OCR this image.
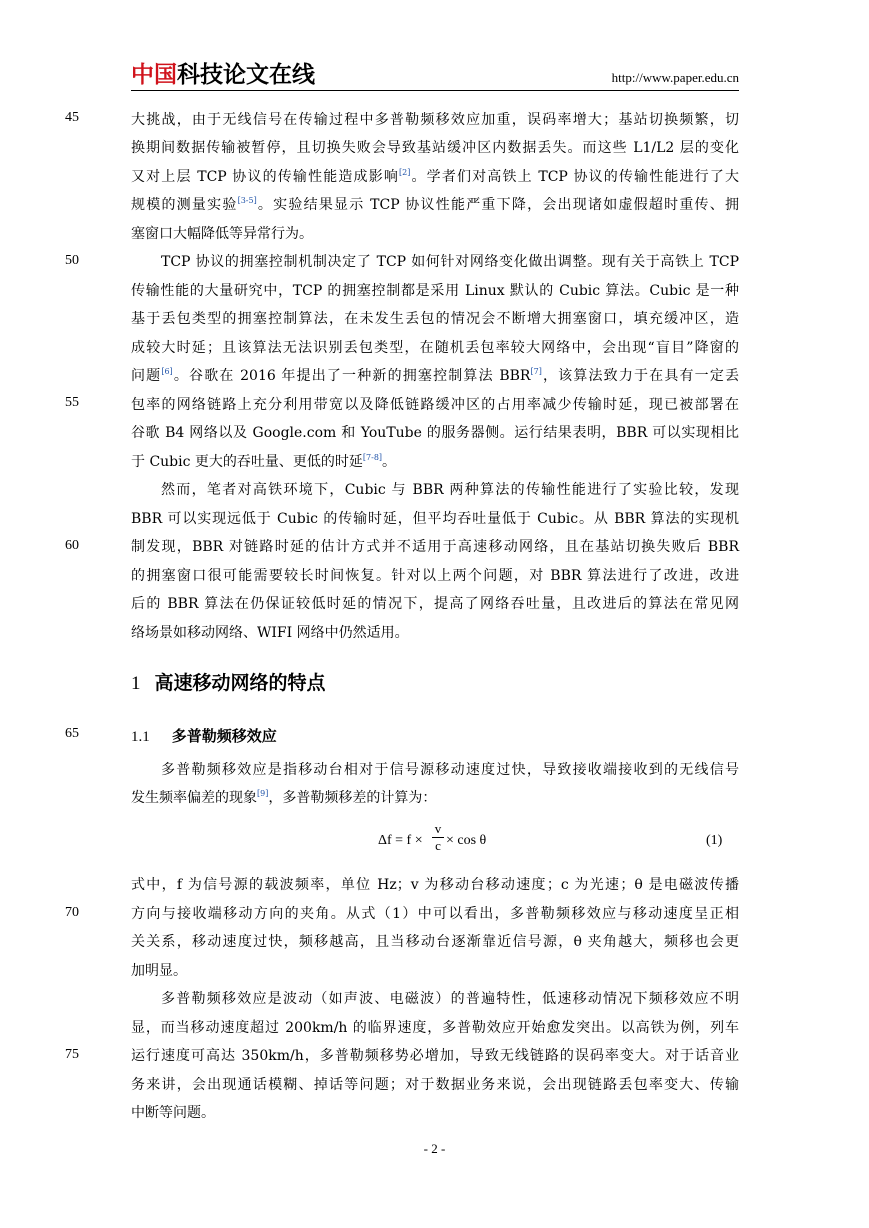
中国科技论文在线	http://www.paper.edu.cn
45
50
55
60
65
70
75
大挑战，由于无线信号在传输过程中多普勒频移效应加重，误码率增大；基站切换频繁，切
换期间数据传输被暂停，且切换失败会导致基站缓冲区内数据丢失。而这些 L1/L2 层的变化
又对上层 TCP 协议的传输性能造成影响[2]。学者们对高铁上 TCP 协议的传输性能进行了大
规模的测量实验[3-5]。实验结果显示 TCP 协议性能严重下降，会出现诸如虚假超时重传、拥
塞窗口大幅降低等异常行为。
TCP 协议的拥塞控制机制决定了 TCP 如何针对网络变化做出调整。现有关于高铁上 TCP
传输性能的大量研究中，TCP 的拥塞控制都是采用 Linux 默认的 Cubic 算法。Cubic 是一种
基于丢包类型的拥塞控制算法，在未发生丢包的情况会不断增大拥塞窗口，填充缓冲区，造
成较大时延；且该算法无法识别丢包类型，在随机丢包率较大网络中，会出现“盲目”降窗的
问题[6]。谷歌在 2016 年提出了一种新的拥塞控制算法 BBR[7]，该算法致力于在具有一定丢
包率的网络链路上充分利用带宽以及降低链路缓冲区的占用率减少传输时延，现已被部署在
谷歌 B4 网络以及 Google.com 和 YouTube 的服务器侧。运行结果表明，BBR 可以实现相比
于 Cubic 更大的吞吐量、更低的时延[7-8]。
然而，笔者对高铁环境下，Cubic 与 BBR 两种算法的传输性能进行了实验比较，发现
BBR 可以实现远低于 Cubic 的传输时延，但平均吞吐量低于 Cubic。从 BBR 算法的实现机
制发现，BBR 对链路时延的估计方式并不适用于高速移动网络，且在基站切换失败后 BBR
的拥塞窗口很可能需要较长时间恢复。针对以上两个问题，对 BBR 算法进行了改进，改进
后的 BBR 算法在仍保证较低时延的情况下，提高了网络吞吐量，且改进后的算法在常见网
络场景如移动网络、WIFI 网络中仍然适用。
1 高速移动网络的特点
1.1 多普勒频移效应
多普勒频移效应是指移动台相对于信号源移动速度过快，导致接收端接收到的无线信号
发生频率偏差的现象[9]，多普勒频移差的计算为：
Δf = f ×
v
c × cos θ	(1)
式中，f 为信号源的载波频率，单位 Hz；v 为移动台移动速度；c 为光速；θ 是电磁波传播
方向与接收端移动方向的夹角。从式（1）中可以看出，多普勒频移效应与移动速度呈正相
关关系，移动速度过快，频移越高，且当移动台逐渐靠近信号源，θ 夹角越大，频移也会更
加明显。
多普勒频移效应是波动（如声波、电磁波）的普遍特性，低速移动情况下频移效应不明
显，而当移动速度超过 200km/h 的临界速度，多普勒效应开始愈发突出。以高铁为例，列车
运行速度可高达 350km/h，多普勒频移势必增加，导致无线链路的误码率变大。对于话音业
务来讲，会出现通话模糊、掉话等问题；对于数据业务来说，会出现链路丢包率变大、传输
中断等问题。
- 2 -
